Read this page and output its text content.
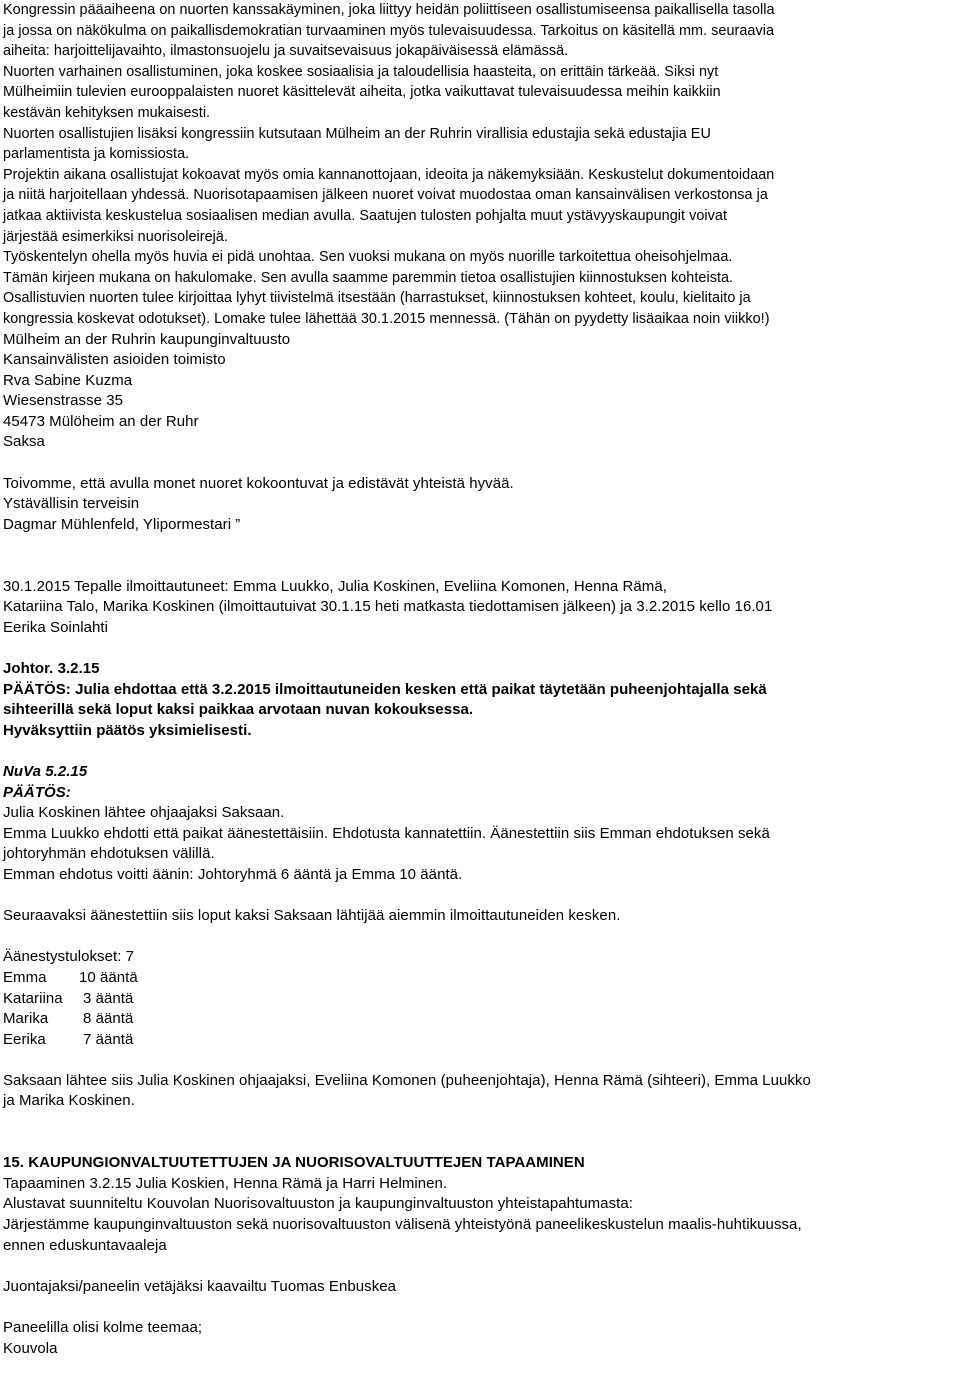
Kongressin pääaiheena on nuorten kanssakäyminen, joka liittyy heidän poliittiseen osallistumiseensa paikallisella tasolla

ja jossa on näkökulma on paikallisdemokratian turvaaminen myös tulevaisuudessa. Tarkoitus on käsitellä mm. seuraavia

aiheita: harjoittelijavaihto, ilmastonsuojelu ja suvaitsevaisuus jokapäiväisessä elämässä.

Nuorten varhainen osallistuminen, joka koskee sosiaalisia ja taloudellisia haasteita, on erittäin tärkeää. Siksi nyt

Mülheimiin tulevien eurooppalaisten nuoret käsittelevät aiheita, jotka vaikuttavat tulevaisuudessa meihin kaikkiin

kestävän kehityksen mukaisesti.

Nuorten osallistujien lisäksi kongressiin kutsutaan Mülheim an der Ruhrin virallisia edustajia sekä edustajia EU

parlamentista ja komissiosta.

Projektin aikana osallistujat kokoavat myös omia kannanottojaan, ideoita ja näkemyksiään. Keskustelut dokumentoidaan

ja niitä harjoitellaan yhdessä. Nuorisotapaamisen jälkeen nuoret voivat muodostaa oman kansainvälisen verkostonsa ja

jatkaa aktiivista keskustelua sosiaalisen median avulla. Saatujen tulosten pohjalta muut ystävyyskaupungit voivat

järjestää esimerkiksi nuorisoleirejä.

Työskentelyn ohella myös huvia ei pidä unohtaa. Sen vuoksi mukana on myös nuorille tarkoitettua oheisohjelmaa.

Tämän kirjeen mukana on hakulomake. Sen avulla saamme paremmin tietoa osallistujien kiinnostuksen kohteista.

Osallistuvien nuorten tulee kirjoittaa lyhyt tiivistelmä itsestään (harrastukset, kiinnostuksen kohteet, koulu, kielitaito ja

kongressia koskevat odotukset). Lomake tulee lähettää 30.1.2015 mennessä. (Tähän on pyydetty lisäaikaa noin viikko!)

Mülheim an der Ruhrin kaupunginvaltuusto

Kansainvälisten asioiden toimisto

Rva Sabine Kuzma

Wiesenstrasse 35

45473 Mülöheim an der Ruhr

Saksa

Toivomme, että avulla monet nuoret kokoontuvat ja edistävät yhteistä hyvää.

Ystävällisin terveisin

Dagmar Mühlenfeld, Ylipormestari ”

30.1.2015 Tepalle ilmoittautuneet: Emma Luukko, Julia Koskinen, Eveliina Komonen, Henna Rämä,

Katariina Talo, Marika Koskinen (ilmoittautuivat 30.1.15 heti matkasta tiedottamisen jälkeen) ja 3.2.2015 kello 16.01

Eerika Soinlahti

Johtor. 3.2.15

PÄÄTÖS: Julia ehdottaa että 3.2.2015 ilmoittautuneiden kesken että paikat täytetään puheenjohtajalla sekä

sihteerillä sekä loput kaksi paikkaa arvotaan nuvan kokouksessa.

Hyväksyttiin päätös yksimielisesti.

NuVa 5.2.15

PÄÄTÖS:

Julia Koskinen lähtee ohjaajaksi Saksaan.

Emma Luukko ehdotti että paikat äänestettäisiin. Ehdotusta kannatettiin. Äänestettiin siis Emman ehdotuksen sekä

johtoryhmän ehdotuksen välillä.

Emman ehdotus voitti äänin: Johtoryhmä 6 ääntä ja Emma 10 ääntä.

Seuraavaksi äänestettiin siis loput kaksi Saksaan lähtijää aiemmin ilmoittautuneiden kesken.

Äänestystulokset: 7

Emma 10 ääntä

Katariina 3 ääntä

Marika 8 ääntä

Eerika 7 ääntä

Saksaan lähtee siis Julia Koskinen ohjaajaksi, Eveliina Komonen (puheenjohtaja), Henna Rämä (sihteeri), Emma Luukko

ja Marika Koskinen.

15. KAUPUNGIONVALTUUTETTUJEN JA NUORISOVALTUUTTEJEN TAPAAMINEN

Tapaaminen 3.2.15 Julia Koskien, Henna Rämä ja Harri Helminen.

Alustavat suunniteltu Kouvolan Nuorisovaltuuston ja kaupunginvaltuuston yhteistapahtumasta:

Järjestämme kaupunginvaltuuston sekä nuorisovaltuuston välisenä yhteistyönä paneelikeskustelun maalis-huhtikuussa,

ennen eduskuntavaaleja

Juontajaksi/paneelin vetäjäksi kaavailtu Tuomas Enbuskea

Paneelilla olisi kolme teemaa;

Kouvola
